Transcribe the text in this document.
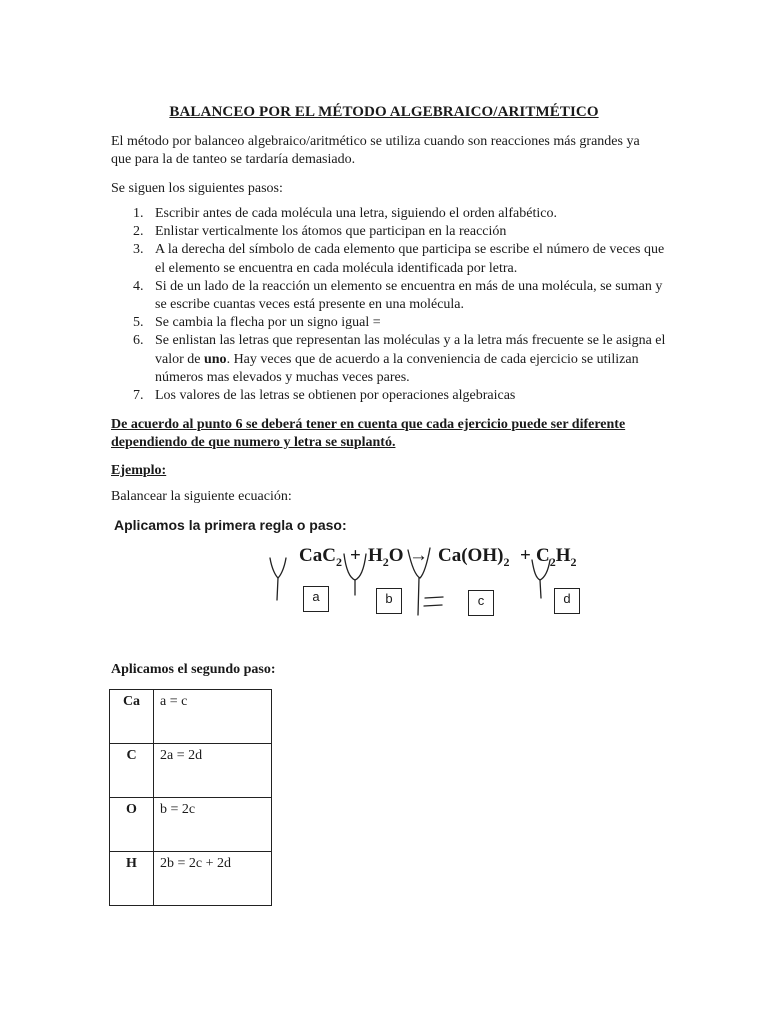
BALANCEO POR EL MÉTODO ALGEBRAICO/ARITMÉTICO
El método por balanceo algebraico/aritmético se utiliza cuando son reacciones más grandes ya que para la de tanteo se tardaría demasiado.
Se siguen los siguientes pasos:
1. Escribir antes de cada molécula una letra, siguiendo el orden alfabético.
2. Enlistar verticalmente los átomos que participan en la reacción
3. A la derecha del símbolo de cada elemento que participa se escribe el número de veces que el elemento se encuentra en cada molécula identificada por letra.
4. Si de un lado de la reacción un elemento se encuentra en más de una molécula, se suman y se escribe cuantas veces está presente en una molécula.
5. Se cambia la flecha por un signo igual =
6. Se enlistan las letras que representan las moléculas y a la letra más frecuente se le asigna el valor de uno. Hay veces que de acuerdo a la conveniencia de cada ejercicio se utilizan números mas elevados y muchas veces pares.
7. Los valores de las letras se obtienen por operaciones algebraicas
De acuerdo al punto 6 se deberá tener en cuenta que cada ejercicio puede ser diferente dependiendo de que numero y letra se suplantó.
Ejemplo:
Balancear la siguiente ecuación:
Aplicamos la primera regla o paso:
$CaC_2 + H_2O \to Ca(OH)_2 + C_2H_2$
a	b	c	d
Aplicamos el segundo paso:
Ca	a = c
C	2a = 2d
O	b = 2c
H	2b = 2c + 2d
